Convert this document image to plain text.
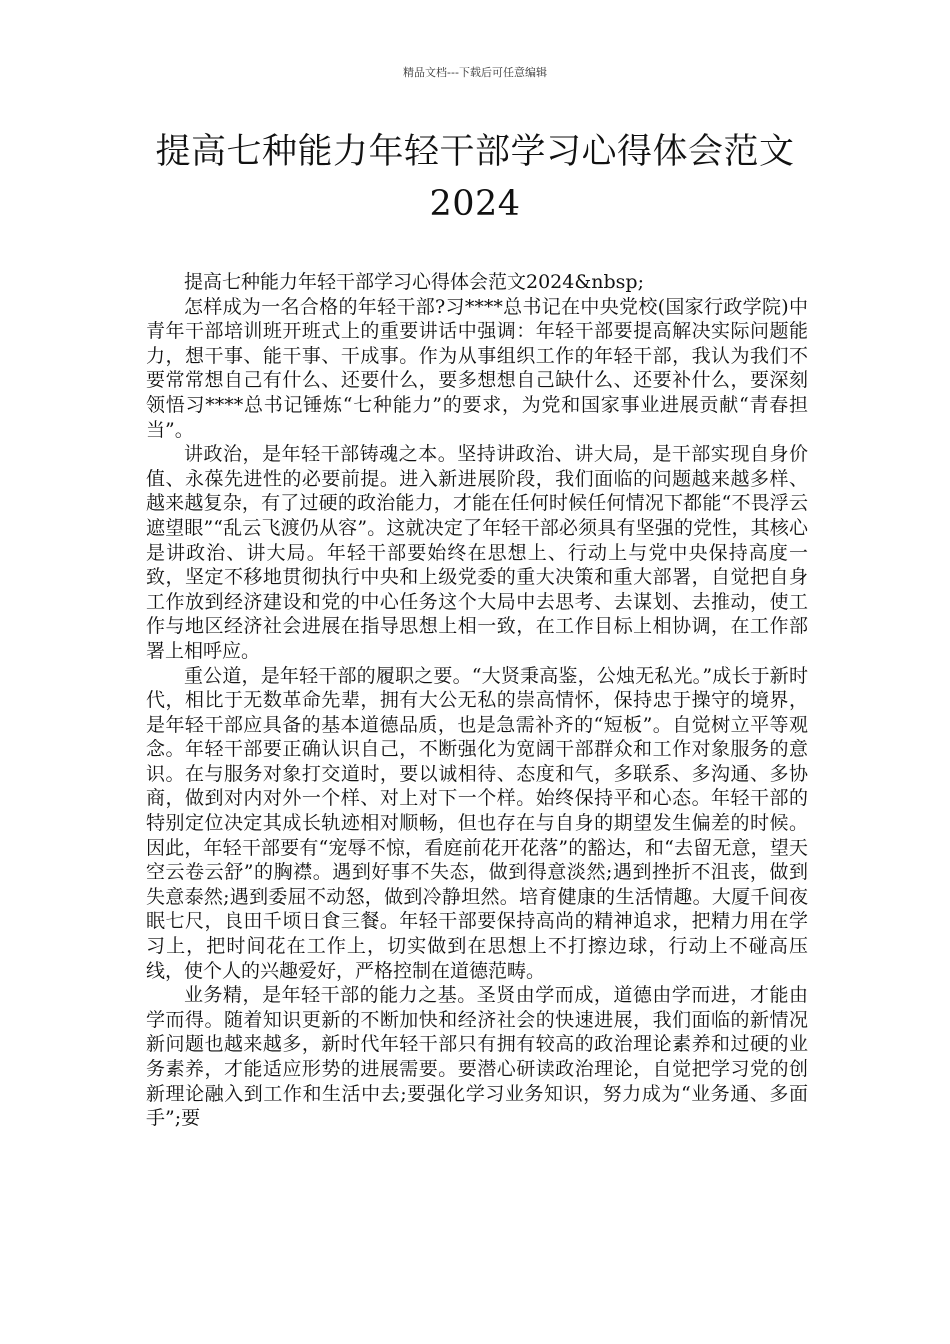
精品文档---下载后可任意编辑
提高七种能力年轻干部学习心得体会范文2024

提高七种能力年轻干部学习心得体会范文2024&nbsp;

怎样成为一名合格的年轻干部?习****总书记在中央党校(国家行政学院)中青年干部培训班开班式上的重要讲话中强调：年轻干部要提高解决实际问题能力，想干事、能干事、干成事。作为从事组织工作的年轻干部，我认为我们不要常常想自己有什么、还要什么，要多想想自己缺什么、还要补什么，要深刻领悟习****总书记锤炼“七种能力”的要求，为党和国家事业进展贡献“青春担当”。

讲政治，是年轻干部铸魂之本。坚持讲政治、讲大局，是干部实现自身价值、永葆先进性的必要前提。进入新进展阶段，我们面临的问题越来越多样、越来越复杂，有了过硬的政治能力，才能在任何时候任何情况下都能“不畏浮云遮望眼”“乱云飞渡仍从容”。这就决定了年轻干部必须具有坚强的党性，其核心是讲政治、讲大局。年轻干部要始终在思想上、行动上与党中央保持高度一致，坚定不移地贯彻执行中央和上级党委的重大决策和重大部署，自觉把自身工作放到经济建设和党的中心任务这个大局中去思考、去谋划、去推动，使工作与地区经济社会进展在指导思想上相一致，在工作目标上相协调，在工作部署上相呼应。

重公道，是年轻干部的履职之要。“大贤秉高鉴，公烛无私光。”成长于新时代，相比于无数革命先辈，拥有大公无私的崇高情怀，保持忠于操守的境界，是年轻干部应具备的基本道德品质，也是急需补齐的“短板”。自觉树立平等观念。年轻干部要正确认识自己，不断强化为宽阔干部群众和工作对象服务的意识。在与服务对象打交道时，要以诚相待、态度和气，多联系、多沟通、多协商，做到对内对外一个样、对上对下一个样。始终保持平和心态。年轻干部的特别定位决定其成长轨迹相对顺畅，但也存在与自身的期望发生偏差的时候。因此，年轻干部要有“宠辱不惊，看庭前花开花落”的豁达，和“去留无意，望天空云卷云舒”的胸襟。遇到好事不失态，做到得意淡然;遇到挫折不沮丧，做到失意泰然;遇到委屈不动怒，做到冷静坦然。培育健康的生活情趣。大厦千间夜眠七尺，良田千顷日食三餐。年轻干部要保持高尚的精神追求，把精力用在学习上，把时间花在工作上，切实做到在思想上不打擦边球，行动上不碰高压线，使个人的兴趣爱好，严格控制在道德范畴。

业务精，是年轻干部的能力之基。圣贤由学而成，道德由学而进，才能由学而得。随着知识更新的不断加快和经济社会的快速进展，我们面临的新情况新问题也越来越多，新时代年轻干部只有拥有较高的政治理论素养和过硬的业务素养，才能适应形势的进展需要。要潜心研读政治理论，自觉把学习党的创新理论融入到工作和生活中去;要强化学习业务知识，努力成为“业务通、多面手”;要
